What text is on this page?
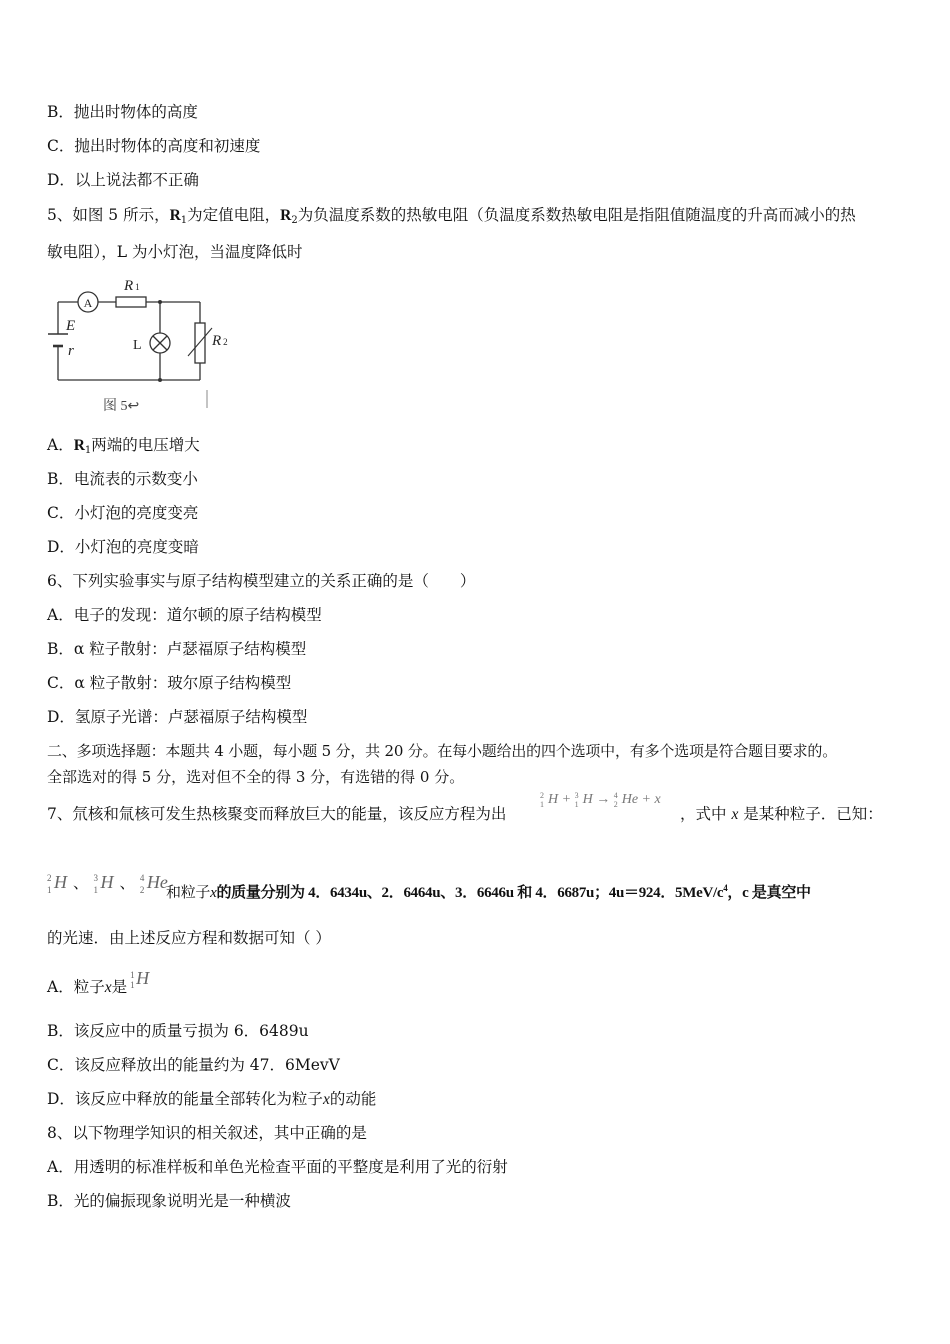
B．抛出时物体的高度
C．抛出时物体的高度和初速度
D．以上说法都不正确
5、如图 5 所示，$R_1$为定值电阻，$R_2$为负温度系数的热敏电阻（负温度系数热敏电阻是指阻值随温度的升高而减小的热
敏电阻），L 为小灯泡，当温度降低时
A
R 1
E
r	L	R 2
图 5↩
A．$R_1$两端的电压增大
B．电流表的示数变小
C．小灯泡的亮度变亮
D．小灯泡的亮度变暗
6、下列实验事实与原子结构模型建立的关系正确的是（　　）
A．电子的发现：道尔顿的原子结构模型
B．α 粒子散射：卢瑟福原子结构模型
C．α 粒子散射：玻尔原子结构模型
D．氢原子光谱：卢瑟福原子结构模型
二、多项选择题：本题共 4 小题，每小题 5 分，共 20 分。在每小题给出的四个选项中，有多个选项是符合题目要求的。
全部选对的得 5 分，选对但不全的得 3 分，有选错的得 0 分。
7、氘核和氚核可发生热核聚变而释放巨大的能量，该反应方程为出
$^2_1$ H + $^3_1$ H → $^4_2$ He + x
，式中 x 是某种粒子．已知：
2
1 H 、 3
1 H 、 4
2 He
和粒子x的质量分别为 4．6434u、2．6464u、3．6646u 和 4．6687u；4u＝924．$5MeV/c^4$，c 是真空中
的光速．由上述反应方程和数据可知（ ）
A．粒子x是
1
1 H
B．该反应中的质量亏损为 6．6489u
C．该反应释放出的能量约为 47．6MevV
D．该反应中释放的能量全部转化为粒子x的动能
8、以下物理学知识的相关叙述，其中正确的是
A．用透明的标准样板和单色光检查平面的平整度是利用了光的衍射
B．光的偏振现象说明光是一种横波
